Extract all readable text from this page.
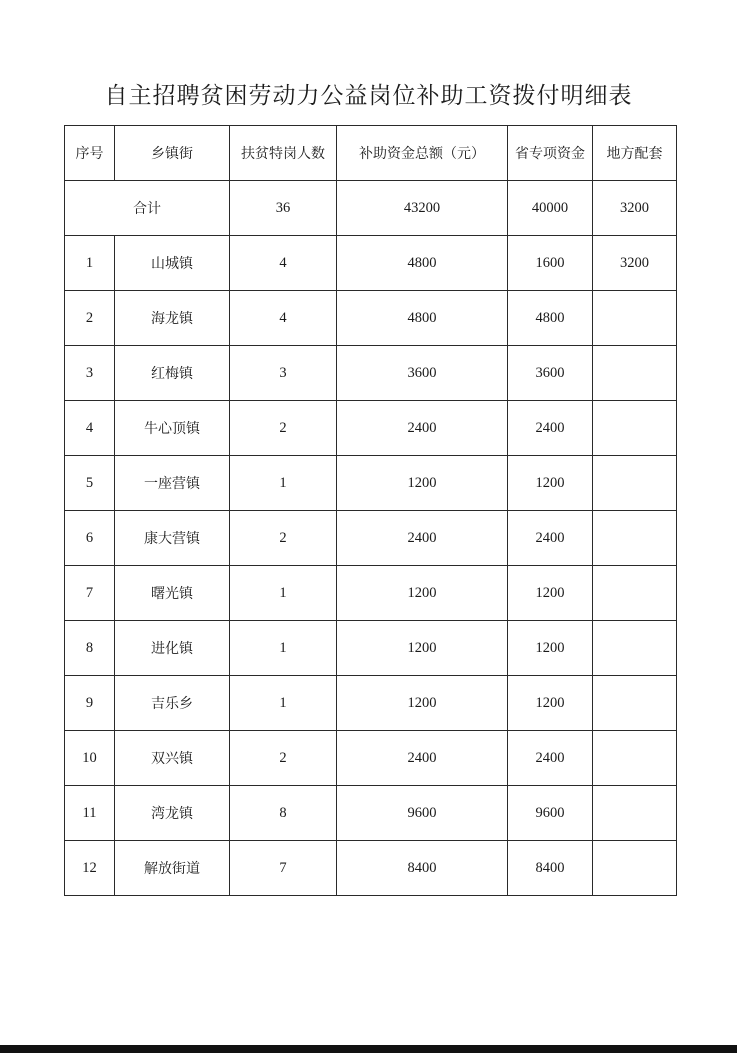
自主招聘贫困劳动力公益岗位补助工资拨付明细表
序号	乡镇街	扶贫特岗人数	补助资金总额（元）	省专项资金	地方配套
合计		36	43200	40000	3200
1	山城镇	4	4800	1600	3200
2	海龙镇	4	4800	4800	
3	红梅镇	3	3600	3600	
4	牛心顶镇	2	2400	2400	
5	一座营镇	1	1200	1200	
6	康大营镇	2	2400	2400	
7	曙光镇	1	1200	1200	
8	进化镇	1	1200	1200	
9	吉乐乡	1	1200	1200	
10	双兴镇	2	2400	2400	
11	湾龙镇	8	9600	9600	
12	解放街道	7	8400	8400	
